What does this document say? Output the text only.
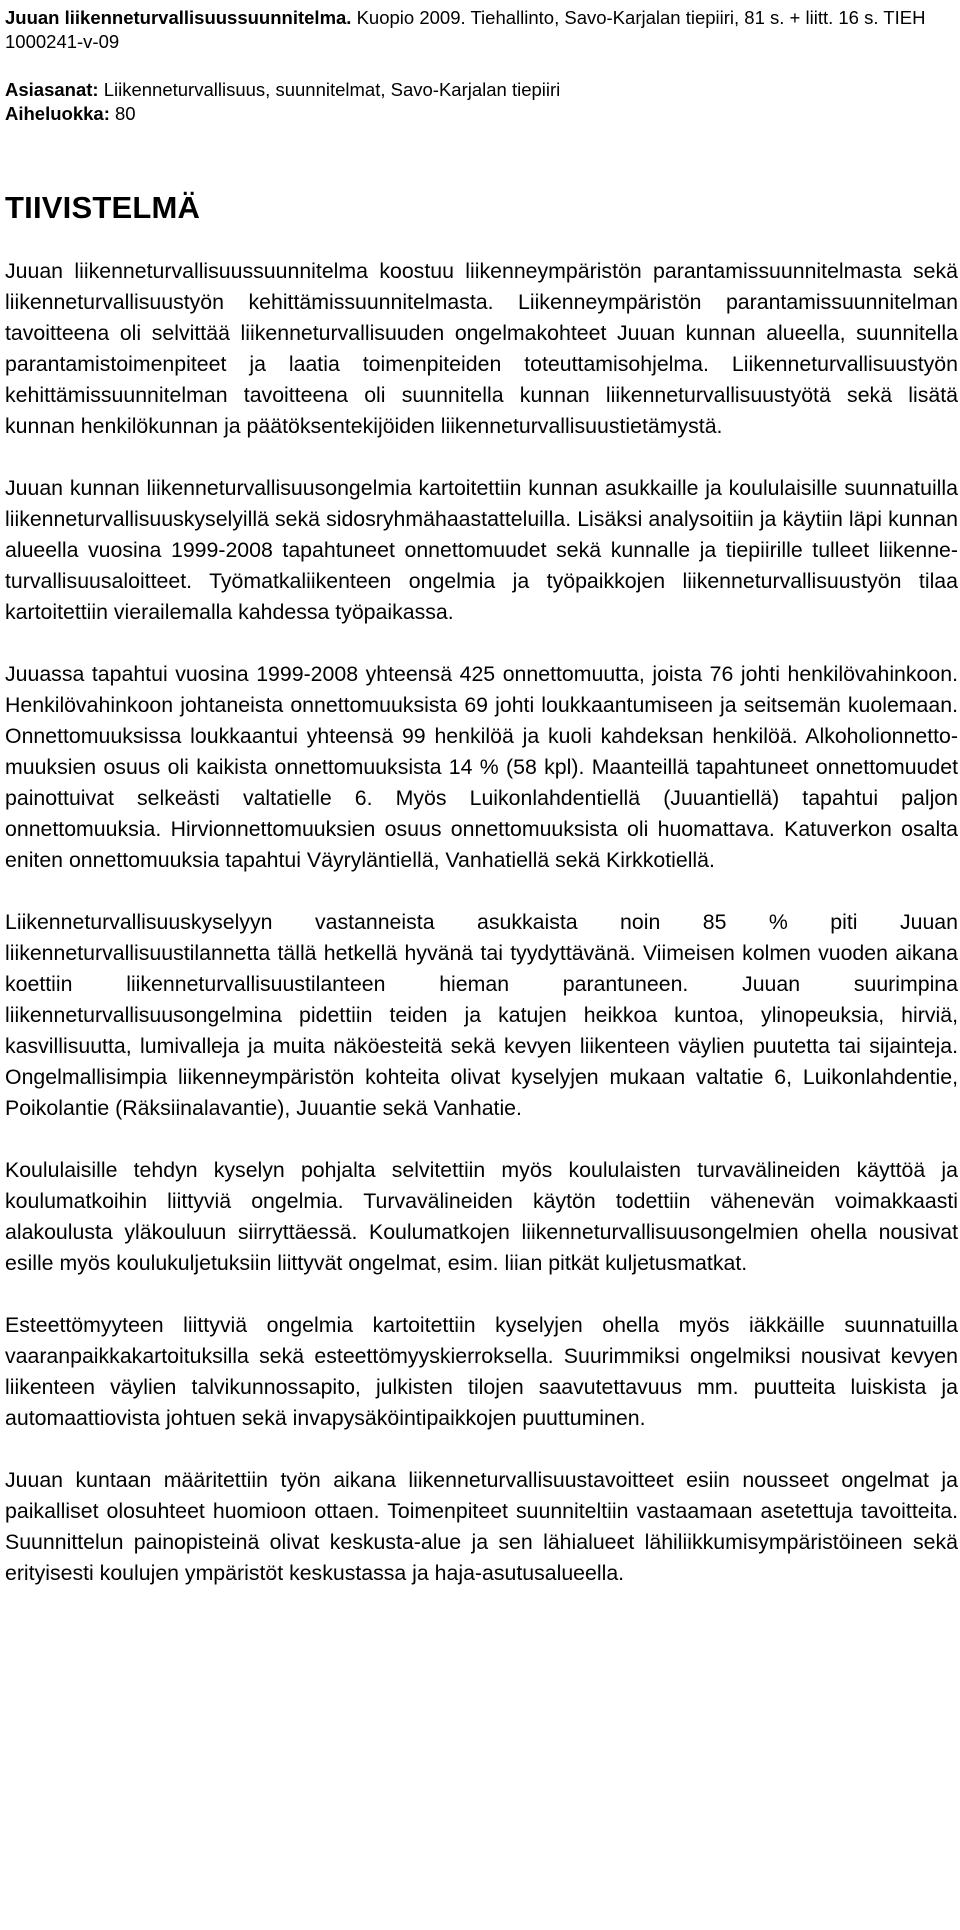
Juuan liikenneturvallisuussuunnitelma. Kuopio 2009. Tiehallinto, Savo-Karjalan tiepiiri, 81 s. + liitt. 16 s. TIEH 1000241-v-09
Asiasanat: Liikenneturvallisuus, suunnitelmat, Savo-Karjalan tiepiiri
Aiheluokka: 80
TIIVISTELMÄ

Juuan liikenneturvallisuussuunnitelma koostuu liikenneympäristön parantamissuunnitelmasta sekä liikenneturvallisuustyön kehittämissuunnitelmasta. Liikenneympäristön parantamissuunnitelman tavoitteena oli selvittää liikenneturvallisuuden ongelmakohteet Juuan kunnan alueella, suunnitella parantamistoimenpiteet ja laatia toimenpiteiden toteuttamisohjelma. Liikenneturvallisuustyön kehittämissuunnitelman tavoitteena oli suunnitella kunnan liikenneturvallisuustyötä sekä lisätä kunnan henkilökunnan ja päätöksentekijöiden liikenneturvallisuustietämystä.

Juuan kunnan liikenneturvallisuusongelmia kartoitettiin kunnan asukkaille ja koululaisille suunnatuilla liikenneturvallisuuskyselyillä sekä sidosryhmähaastatteluilla. Lisäksi analysoitiin ja käytiin läpi kunnan alueella vuosina 1999-2008 tapahtuneet onnettomuudet sekä kunnalle ja tiepiirille tulleet liikenneturvallisuusaloitteet. Työmatkaliikenteen ongelmia ja työpaikkojen liikenneturvallisuustyön tilaa kartoitettiin vierailemalla kahdessa työpaikassa.

Juuassa tapahtui vuosina 1999-2008 yhteensä 425 onnettomuutta, joista 76 johti henkilövahinkoon. Henkilövahinkoon johtaneista onnettomuuksista 69 johti loukkaantumiseen ja seitsemän kuolemaan. Onnettomuuksissa loukkaantui yhteensä 99 henkilöä ja kuoli kahdeksan henkilöä. Alkoholionnettomuuksien osuus oli kaikista onnettomuuksista 14 % (58 kpl). Maanteillä tapahtuneet onnettomuudet painottuivat selkeästi valtatielle 6. Myös Luikonlahdentiellä (Juuantiellä) tapahtui paljon onnettomuuksia. Hirvionnettomuuksien osuus onnettomuuksista oli huomattava. Katuverkon osalta eniten onnettomuuksia tapahtui Väyryläntiellä, Vanhatiellä sekä Kirkkotiellä.

Liikenneturvallisuuskyselyyn vastanneista asukkaista noin 85 % piti Juuan liikenneturvallisuustilannetta tällä hetkellä hyvänä tai tyydyttävänä. Viimeisen kolmen vuoden aikana koettiin liikenneturvallisuustilanteen hieman parantuneen. Juuan suurimpina liikenneturvallisuusongelmina pidettiin teiden ja katujen heikkoa kuntoa, ylinopeuksia, hirviä, kasvillisuutta, lumivalleja ja muita näköesteitä sekä kevyen liikenteen väylien puutetta tai sijainteja. Ongelmallisimpia liikenneympäristön kohteita olivat kyselyjen mukaan valtatie 6, Luikonlahdentie, Poikolantie (Räksiinalavantie), Juuantie sekä Vanhatie.

Koululaisille tehdyn kyselyn pohjalta selvitettiin myös koululaisten turvavälineiden käyttöä ja koulumatkoihin liittyviä ongelmia. Turvavälineiden käytön todettiin vähenevän voimakkaasti alakoulusta yläkouluun siirryttäessä. Koulumatkojen liikenneturvallisuusongelmien ohella nousivat esille myös koulukuljetuksiin liittyvät ongelmat, esim. liian pitkät kuljetusmatkat.

Esteettömyyteen liittyviä ongelmia kartoitettiin kyselyjen ohella myös iäkkäille suunnatuilla vaaranpaikkakartoituksilla sekä esteettömyyskierroksella. Suurimmiksi ongelmiksi nousivat kevyen liikenteen väylien talvikunnossapito, julkisten tilojen saavutettavuus mm. puutteita luiskista ja automaattiovista johtuen sekä invapysäköintipaikkojen puuttuminen.

Juuan kuntaan määritettiin työn aikana liikenneturvallisuustavoitteet esiin nousseet ongelmat ja paikalliset olosuhteet huomioon ottaen. Toimenpiteet suunniteltiin vastaamaan asetettuja tavoitteita. Suunnittelun painopisteinä olivat keskusta-alue ja sen lähialueet lähiliikkumisympäristöineen sekä erityisesti koulujen ympäristöt keskustassa ja haja-asutusalueella.
